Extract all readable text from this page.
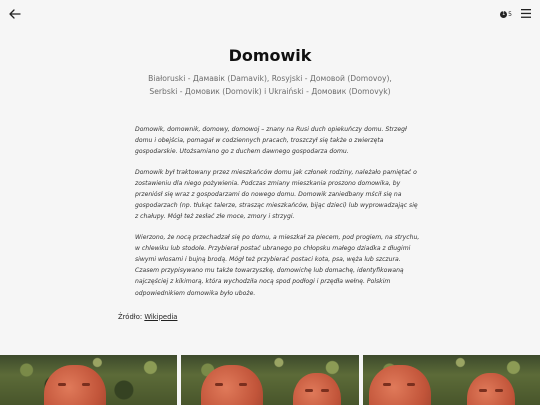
1 5
Domowik
Białoruski - Дамавік (Damavik), Rosyjski - Домовой (Domovoy),
Serbski - Домовик (Domovik) i Ukraiński - Домовик (Domovyk)

Domowik, domownik, domowy, domowoj – znany na Rusi duch opiekuńczy domu. Strzegł domu i obejścia, pomagał w codziennych pracach, troszczył się także o zwierzęta gospodarskie. Utożsamiano go z duchem dawnego gospodarza domu.

Domowik był traktowany przez mieszkańców domu jak członek rodziny, należało pamiętać o zostawieniu dla niego pożywienia. Podczas zmiany mieszkania proszono domowika, by przeniósł się wraz z gospodarzami do nowego domu. Domowik zaniedbany mścił się na gospodarzach (np. tłukąc talerze, strasząc mieszkańców, bijąc dzieci) lub wyprowadzając się z chałupy. Mógł też zesłać złe moce, zmory i strzygi.

Wierzono, że nocą przechadzał się po domu, a mieszkał za piecem, pod progiem, na strychu, w chlewiku lub stodole. Przybierał postać ubranego po chłopsku małego dziadka z długimi siwymi włosami i bujną brodą. Mógł też przybierać postaci kota, psa, węża lub szczura. Czasem przypisywano mu także towarzyszkę, domowichę lub domachę, identyfikowaną najczęściej z kikimorą, która wychodziła nocą spod podłogi i przędła wełnę. Polskim odpowiednikiem domowika było uboże.

Źródło: Wikipedia
